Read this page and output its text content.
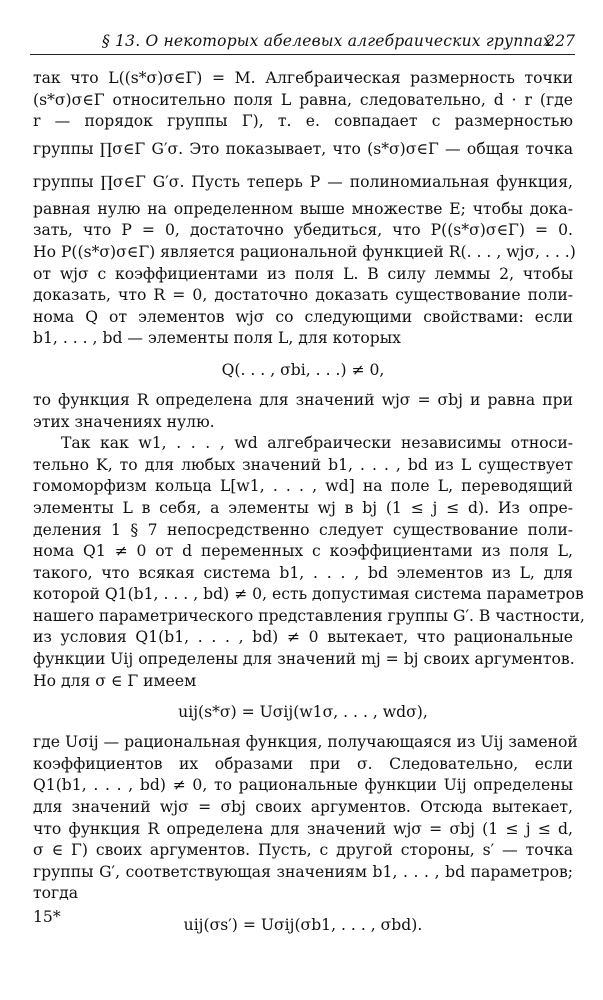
§ 13. О некоторых абелевых алгебраических группах
227
так что L((s*σ)σ∈Γ) = M. Алгебраическая размерность точки
(s*σ)σ∈Γ относительно поля L равна, следовательно, d · r (где
r — порядок группы Γ), т. е. совпадает с размерностью
группы ∏σ∈Γ G′σ. Это показывает, что (s*σ)σ∈Γ — общая точка
группы ∏σ∈Γ G′σ. Пусть теперь P — полиномиальная функция,
равная нулю на определенном выше множестве E; чтобы дока-
зать, что P = 0, достаточно убедиться, что P((s*σ)σ∈Γ) = 0.
Но P((s*σ)σ∈Γ) является рациональной функцией R(. . . , wjσ, . . .)
от wjσ с коэффициентами из поля L. В силу леммы 2, чтобы
доказать, что R = 0, достаточно доказать существование поли-
нома Q от элементов wjσ со следующими свойствами: если
b1, . . . , bd — элементы поля L, для которых
Q(. . . , σbi, . . .) ≠ 0,
то функция R определена для значений wjσ = σbj и равна при
этих значениях нулю.
Так как w1, . . . , wd алгебраически независимы относи-
тельно K, то для любых значений b1, . . . , bd из L существует
гомоморфизм кольца L[w1, . . . , wd] на поле L, переводящий
элементы L в себя, а элементы wj в bj (1 ≤ j ≤ d). Из опре-
деления 1 § 7 непосредственно следует существование поли-
нома Q1 ≠ 0 от d переменных с коэффициентами из поля L,
такого, что всякая система b1, . . . , bd элементов из L, для
которой Q1(b1, . . . , bd) ≠ 0, есть допустимая система параметров
нашего параметрического представления группы G′. В частности,
из условия Q1(b1, . . . , bd) ≠ 0 вытекает, что рациональные
функции Uij определены для значений mj = bj своих аргументов.
Но для σ ∈ Γ имеем
uij(s*σ) = Uσij(w1σ, . . . , wdσ),
где Uσij — рациональная функция, получающаяся из Uij заменой
коэффициентов их образами при σ. Следовательно, если
Q1(b1, . . . , bd) ≠ 0, то рациональные функции Uij определены
для значений wjσ = σbj своих аргументов. Отсюда вытекает,
что функция R определена для значений wjσ = σbj (1 ≤ j ≤ d,
σ ∈ Γ) своих аргументов. Пусть, с другой стороны, s′ — точка
группы G′, соответствующая значениям b1, . . . , bd параметров;
тогда
uij(σs′) = Uσij(σb1, . . . , σbd).
15*
